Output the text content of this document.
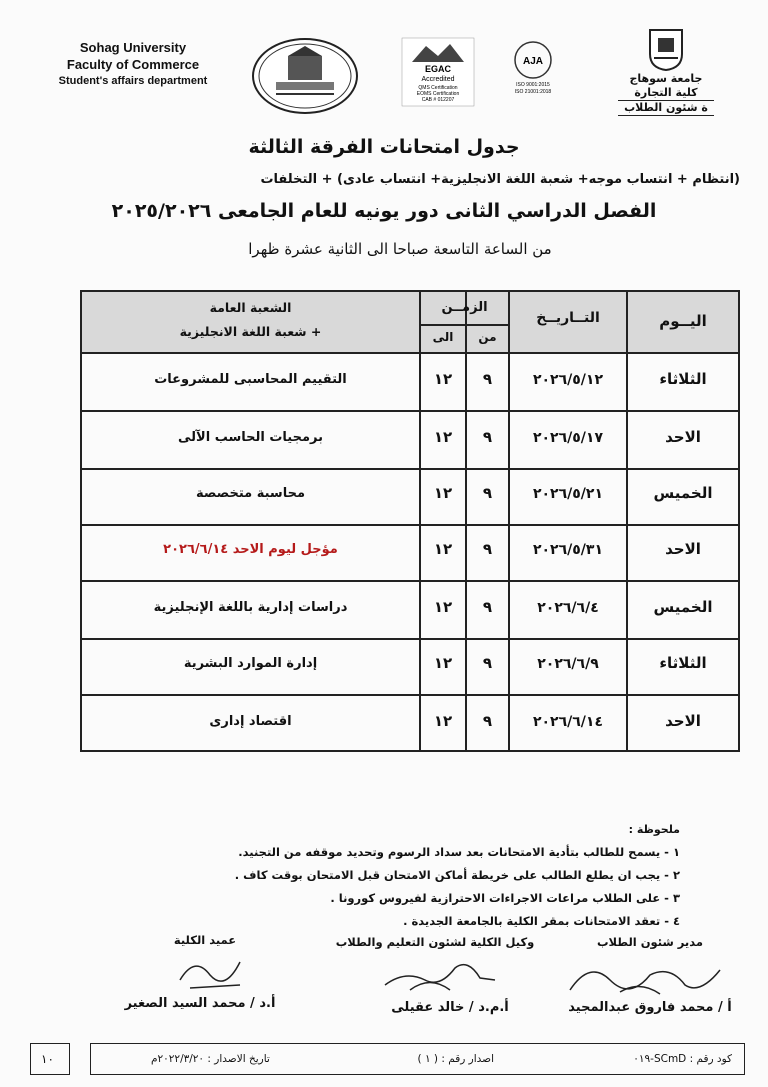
Sohag University
Faculty of Commerce
Student's affairs department
EGAC
Accredited
QMS Certification
EOMS Certification
CAB # 012207
AJA
ISO 9001:2015
ISO 21001:2018
جامعة سوهاج
كلية التجارة
ة شئون الطلاب
جدول امتحانات الفرقة الثالثة
(انتظام + انتساب موجه+ شعبة اللغة الانجليزية+ انتساب عادى) + التخلفات
الفصل الدراسي الثانى دور يونيه للعام الجامعى ٢٠٢٥/٢٠٢٦
من الساعة التاسعة صباحا الى الثانية عشرة ظهرا
اليــوم
التــاريــخ
الزمــن
من
الى
الشعبة العامة
+ شعبة اللغة الانجليزية
الثلاثاء
٢٠٢٦/٥/١٢
٩
١٢
التقييم المحاسبى للمشروعات
الاحد
٢٠٢٦/٥/١٧
٩
١٢
برمجيات الحاسب الآلى
الخميس
٢٠٢٦/٥/٢١
٩
١٢
محاسبة متخصصة
الاحد
٢٠٢٦/٥/٣١
٩
١٢
مؤجل ليوم الاحد ٢٠٢٦/٦/١٤
الخميس
٢٠٢٦/٦/٤
٩
١٢
دراسات إدارية باللغة الإنجليزية
الثلاثاء
٢٠٢٦/٦/٩
٩
١٢
إدارة الموارد البشرية
الاحد
٢٠٢٦/٦/١٤
٩
١٢
اقتصاد إدارى
ملحوظة :
١ - يسمح للطالب بتأدية الامتحانات بعد سداد الرسوم وتحديد موقفه من التجنيد.
٢ - يجب ان يطلع الطالب على خريطة أماكن الامتحان قبل الامتحان بوقت كاف .
٣ - على الطلاب مراعات الاجراءات الاحترازية لفيروس كورونا .
٤ - تعقد الامتحانات بمقر الكلية بالجامعة الجديدة .
مدير شئون الطلاب
أ / محمد فاروق عبدالمجيد
وكيل الكلية لشئون التعليم والطلاب
أ.م.د / خالد عقيلى
عميد الكلية
أ.د / محمد السيد الصغير
١٠	كود رقم : SCmD-٠١٩
اصدار رقم : ( ١ )
تاريخ الاصدار : ٢٠٢٢/٣/٢٠م
